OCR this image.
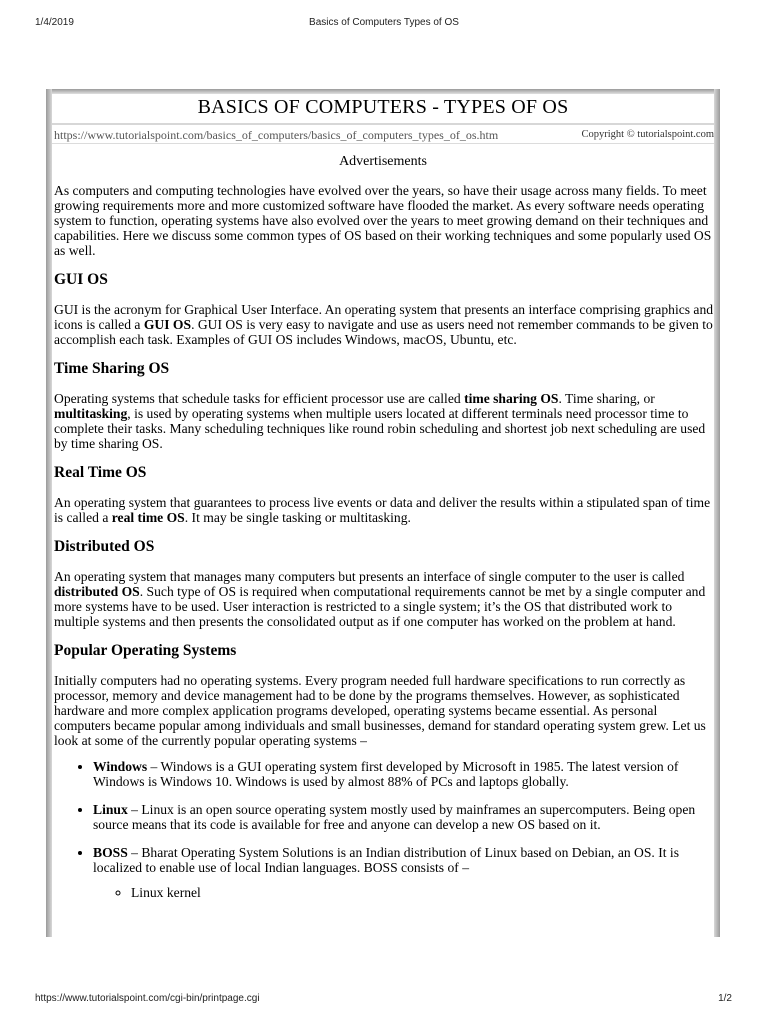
1/4/2019	Basics of Computers Types of OS
BASICS OF COMPUTERS - TYPES OF OS
https://www.tutorialspoint.com/basics_of_computers/basics_of_computers_types_of_os.htm	Copyright © tutorialspoint.com
Advertisements

As computers and computing technologies have evolved over the years, so have their usage across many fields. To meet growing requirements more and more customized software have flooded the market. As every software needs operating system to function, operating systems have also evolved over the years to meet growing demand on their techniques and capabilities. Here we discuss some common types of OS based on their working techniques and some popularly used OS as well.

GUI OS

GUI is the acronym for Graphical User Interface. An operating system that presents an interface comprising graphics and icons is called a GUI OS. GUI OS is very easy to navigate and use as users need not remember commands to be given to accomplish each task. Examples of GUI OS includes Windows, macOS, Ubuntu, etc.

Time Sharing OS

Operating systems that schedule tasks for efficient processor use are called time sharing OS. Time sharing, or multitasking, is used by operating systems when multiple users located at different terminals need processor time to complete their tasks. Many scheduling techniques like round robin scheduling and shortest job next scheduling are used by time sharing OS.

Real Time OS

An operating system that guarantees to process live events or data and deliver the results within a stipulated span of time is called a real time OS. It may be single tasking or multitasking.

Distributed OS

An operating system that manages many computers but presents an interface of single computer to the user is called distributed OS. Such type of OS is required when computational requirements cannot be met by a single computer and more systems have to be used. User interaction is restricted to a single system; it’s the OS that distributed work to multiple systems and then presents the consolidated output as if one computer has worked on the problem at hand.

Popular Operating Systems

Initially computers had no operating systems. Every program needed full hardware specifications to run correctly as processor, memory and device management had to be done by the programs themselves. However, as sophisticated hardware and more complex application programs developed, operating systems became essential. As personal computers became popular among individuals and small businesses, demand for standard operating system grew. Let us look at some of the currently popular operating systems –

• Windows – Windows is a GUI operating system first developed by Microsoft in 1985. The latest version of Windows is Windows 10. Windows is used by almost 88% of PCs and laptops globally.
• Linux – Linux is an open source operating system mostly used by mainframes an supercomputers. Being open source means that its code is available for free and anyone can develop a new OS based on it.
• BOSS – Bharat Operating System Solutions is an Indian distribution of Linux based on Debian, an OS. It is localized to enable use of local Indian languages. BOSS consists of –
◦ Linux kernel
https://www.tutorialspoint.com/cgi-bin/printpage.cgi	1/2
